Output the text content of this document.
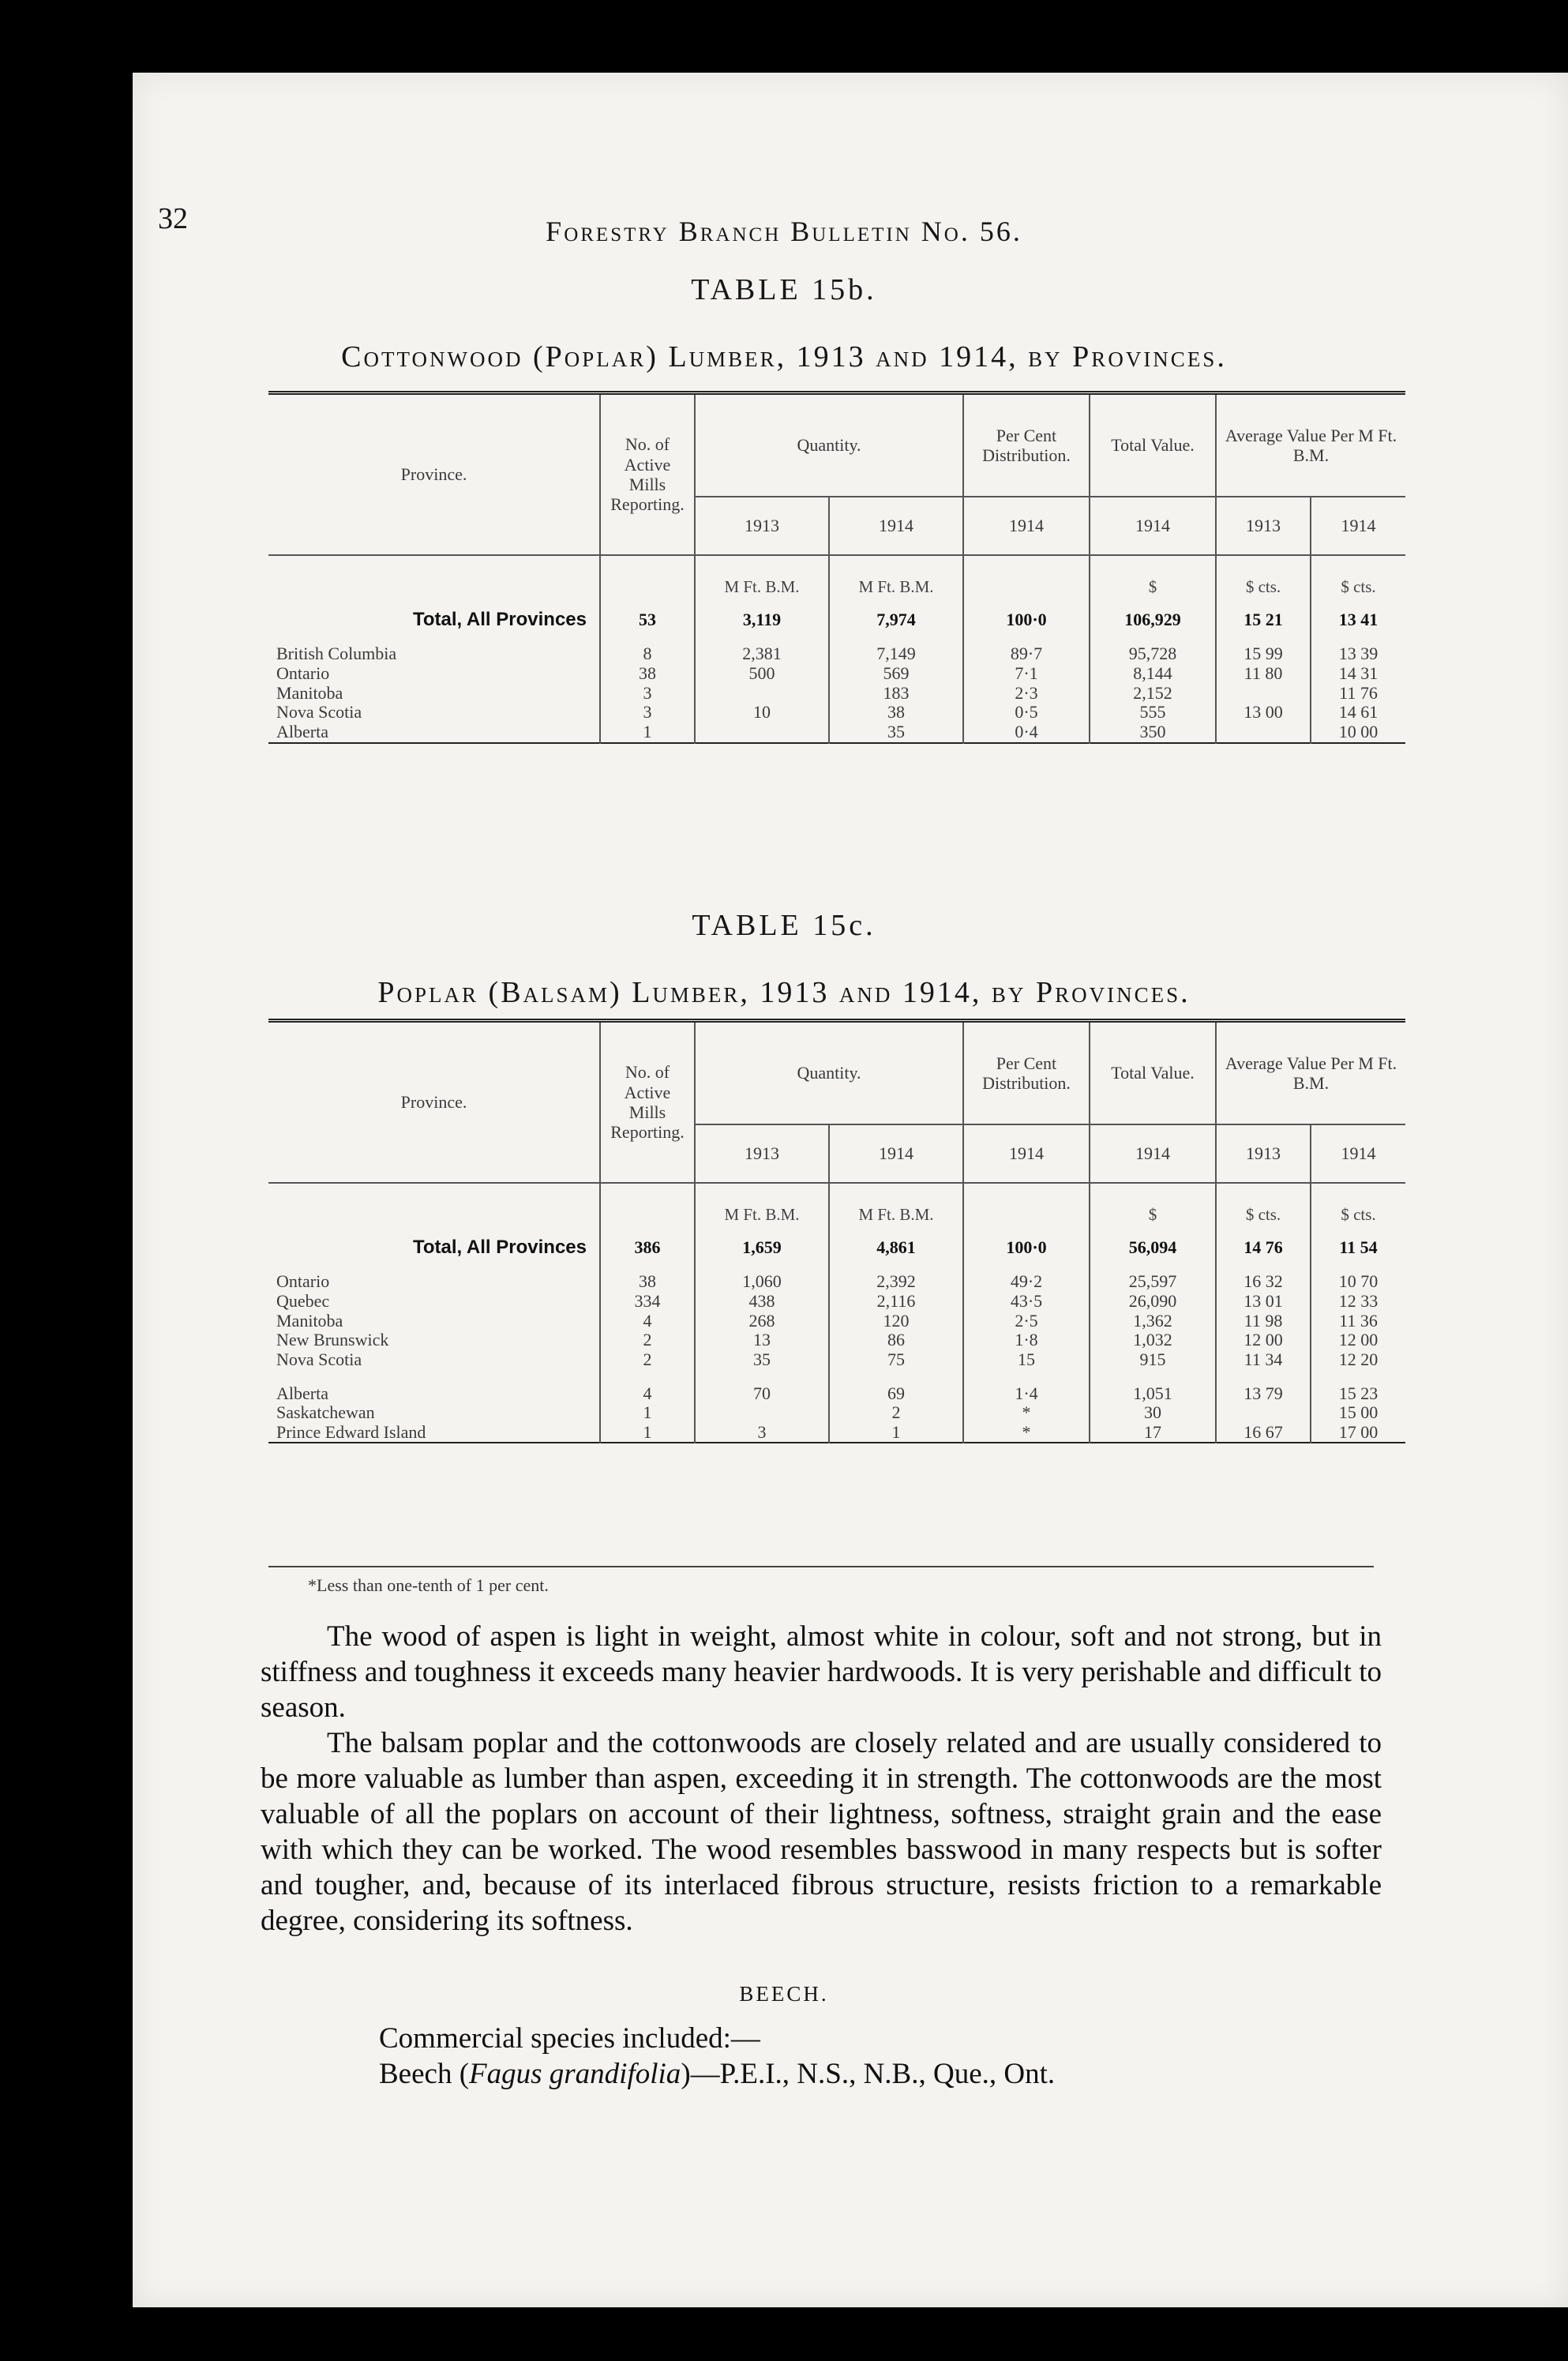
32	Forestry Branch Bulletin No. 56.
TABLE 15b.
Cottonwood (Poplar) Lumber, 1913 and 1914, by Provinces.
Province.	No. of Active Mills Reporting.	Quantity.		Per Cent Distribution.	Total Value.	Average Value Per M Ft. B.M.	
		1913	1914	1914	1914	1913	1914
		M Ft. B.M.	M Ft. B.M.		$	$ cts.	$ cts.
Total, All Provinces	53	3,119	7,974	100·0	106,929	15 21	13 41
British Columbia	8	2,381	7,149	89·7	95,728	15 99	13 39
Ontario	38	500	569	7·1	8,144	11 80	14 31
Manitoba	3		183	2·3	2,152		11 76
Nova Scotia	3	10	38	0·5	555	13 00	14 61
Alberta	1		35	0·4	350		10 00

TABLE 15c.
Poplar (Balsam) Lumber, 1913 and 1914, by Provinces.
Province.	No. of Active Mills Reporting.	Quantity.		Per Cent Distribution.	Total Value.	Average Value Per M Ft. B.M.	
		1913	1914	1914	1914	1913	1914
		M Ft. B.M.	M Ft. B.M.		$	$ cts.	$ cts.
Total, All Provinces	386	1,659	4,861	100·0	56,094	14 76	11 54
Ontario	38	1,060	2,392	49·2	25,597	16 32	10 70
Quebec	334	438	2,116	43·5	26,090	13 01	12 33
Manitoba	4	268	120	2·5	1,362	11 98	11 36
New Brunswick	2	13	86	1·8	1,032	12 00	12 00
Nova Scotia	2	35	75	15	915	11 34	12 20

Alberta	4	70	69	1·4	1,051	13 79	15 23
Saskatchewan	1		2	*	30		15 00
Prince Edward Island	1	3	1	*	17	16 67	17 00

*Less than one-tenth of 1 per cent.

The wood of aspen is light in weight, almost white in colour, soft and not strong, but in stiffness and toughness it exceeds many heavier hardwoods. It is very perishable and difficult to season.

The balsam poplar and the cottonwoods are closely related and are usually considered to be more valuable as lumber than aspen, exceeding it in strength. The cottonwoods are the most valuable of all the poplars on account of their lightness, softness, straight grain and the ease with which they can be worked. The wood resembles basswood in many respects but is softer and tougher, and, because of its interlaced fibrous structure, resists friction to a remarkable degree, considering its softness.

BEECH.
Commercial species included:—
Beech (Fagus grandifolia)—P.E.I., N.S., N.B., Que., Ont.
